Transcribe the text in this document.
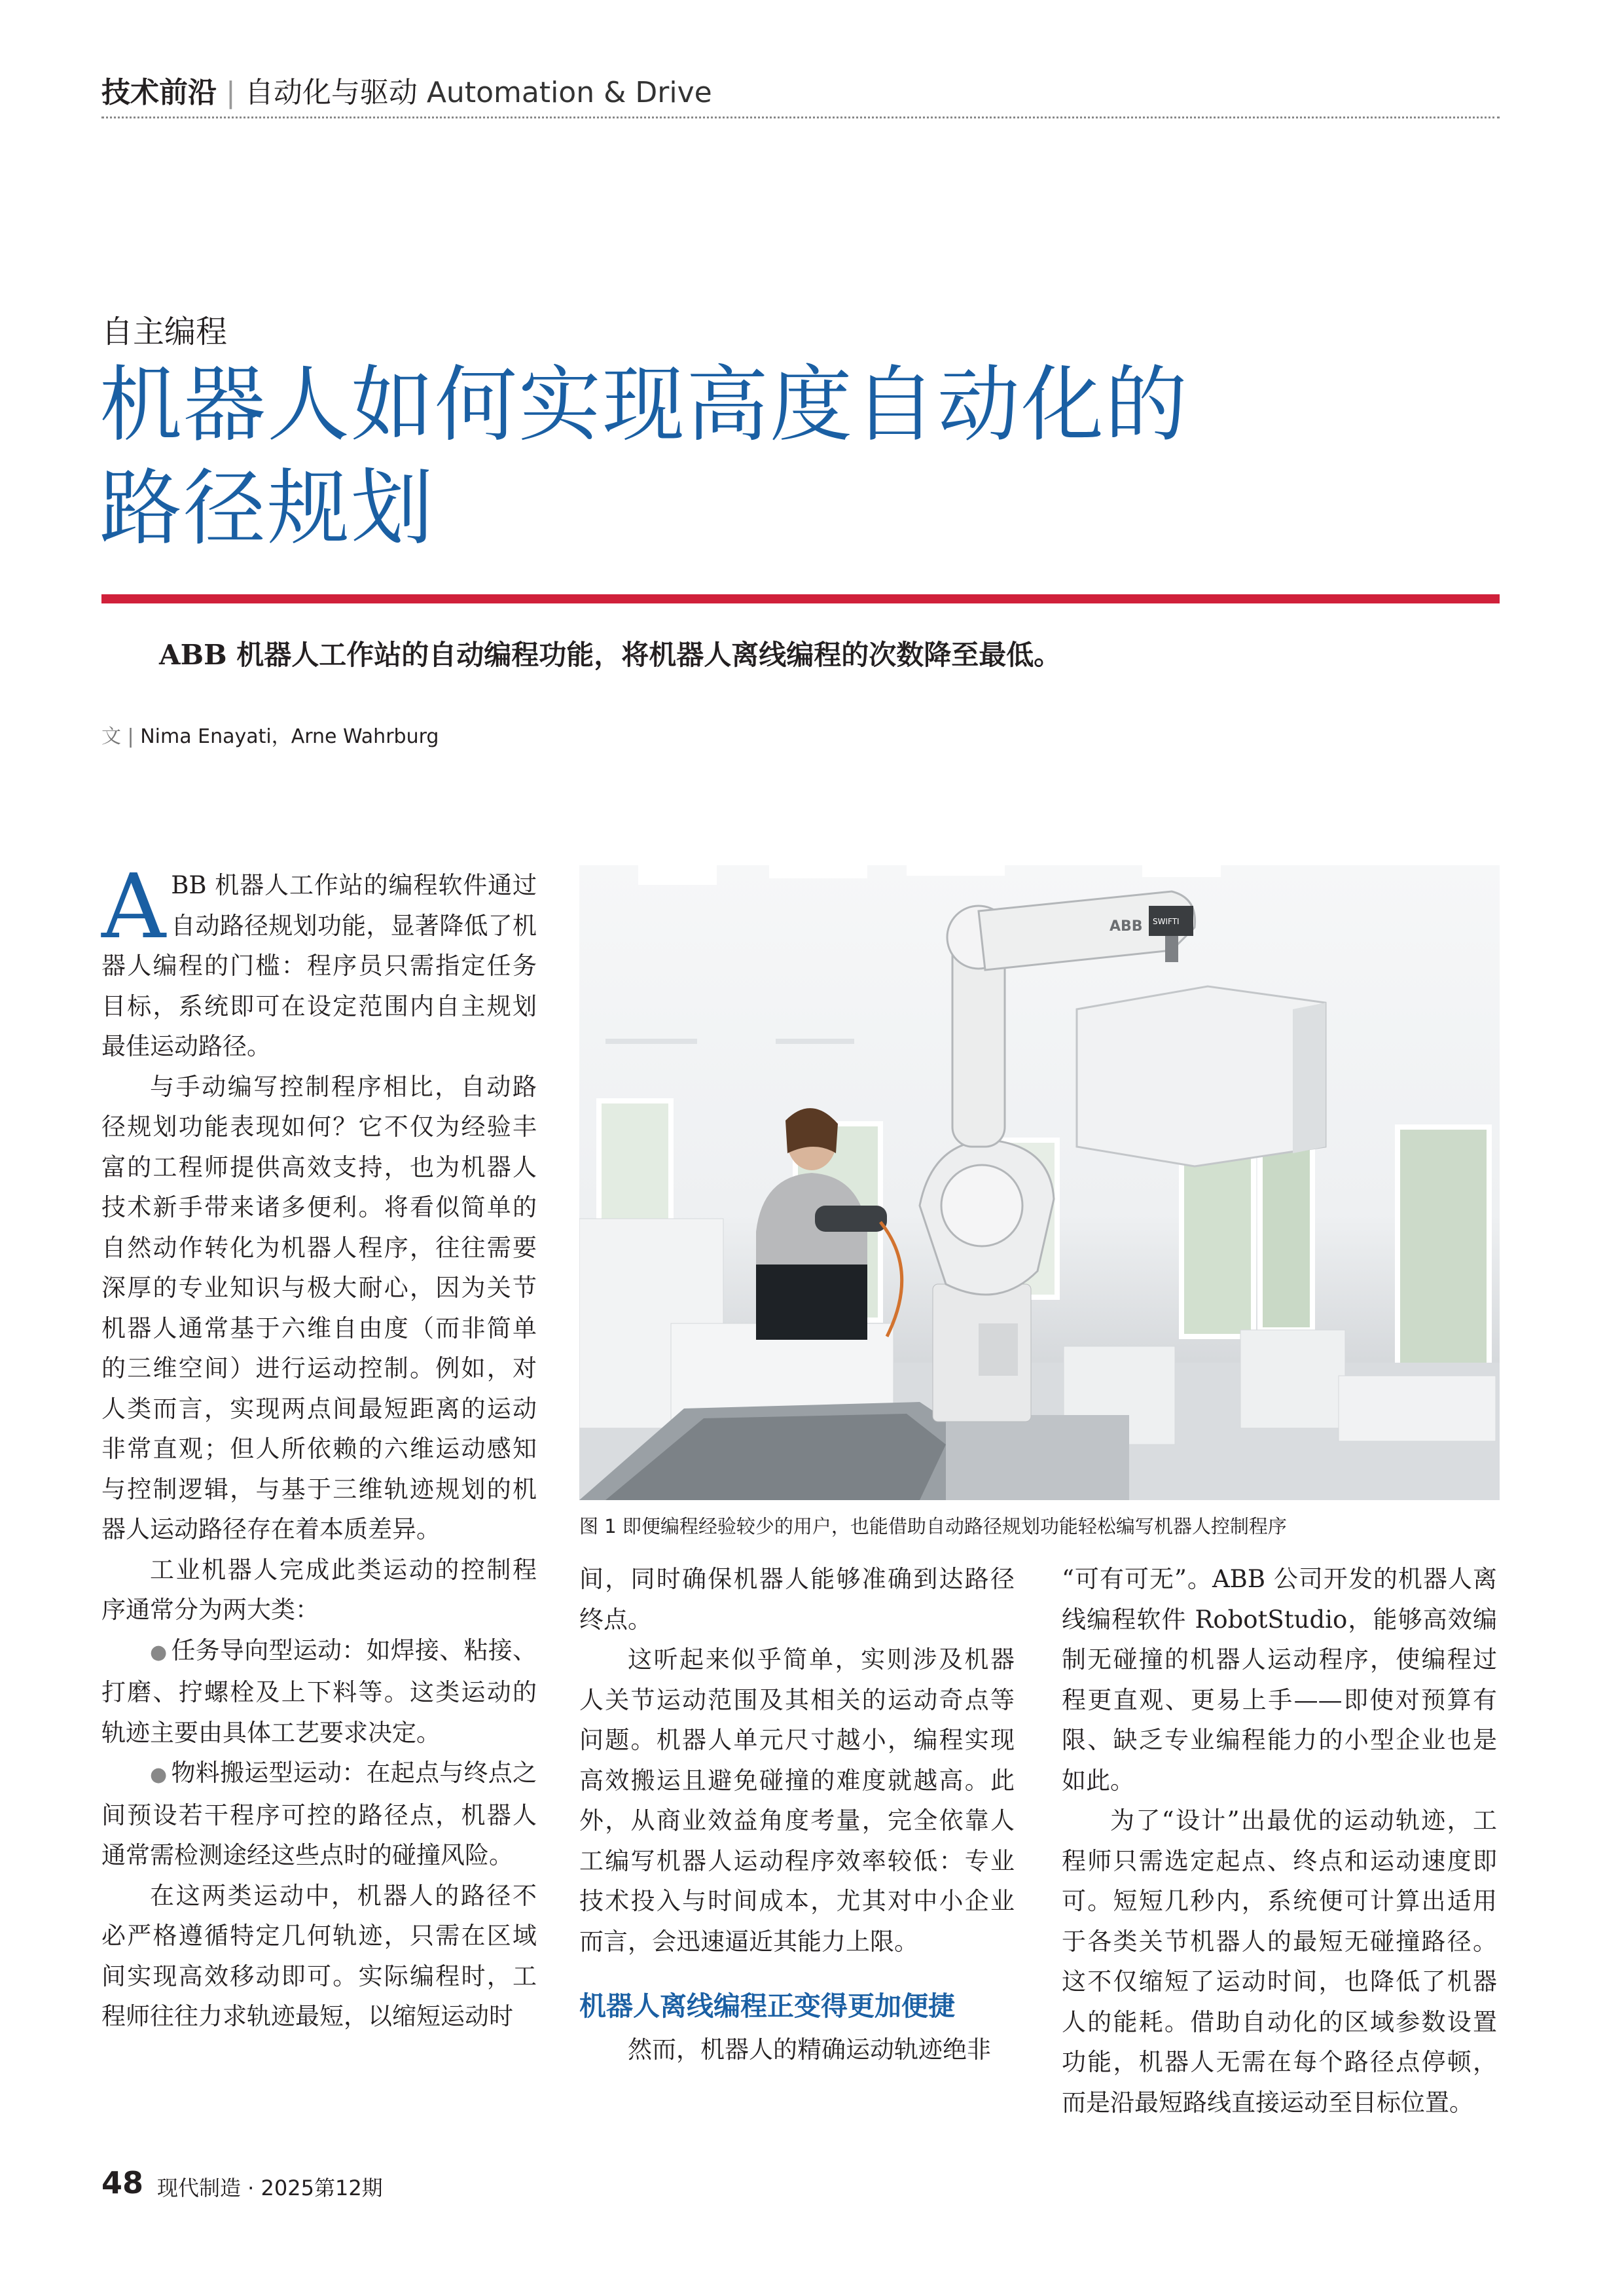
技术前沿 | 自动化与驱动 Automation & Drive
自主编程
机器人如何实现高度自动化的
路径规划
ABB 机器人工作站的自动编程功能，将机器人离线编程的次数降至最低。
文 | Nima Enayati，Arne Wahrburg

ABB 机器人工作站的编程软件通过自动路径规划功能，显著降低了机器人编程的门槛：程序员只需指定任务目标，系统即可在设定范围内自主规划最佳运动路径。

与手动编写控制程序相比，自动路径规划功能表现如何？它不仅为经验丰富的工程师提供高效支持，也为机器人技术新手带来诸多便利。将看似简单的自然动作转化为机器人程序，往往需要深厚的专业知识与极大耐心，因为关节机器人通常基于六维自由度（而非简单的三维空间）进行运动控制。例如，对人类而言，实现两点间最短距离的运动非常直观；但人所依赖的六维运动感知与控制逻辑，与基于三维轨迹规划的机器人运动路径存在着本质差异。

工业机器人完成此类运动的控制程序通常分为两大类：

● 任务导向型运动：如焊接、粘接、打磨、拧螺栓及上下料等。这类运动的轨迹主要由具体工艺要求决定。

● 物料搬运型运动：在起点与终点之间预设若干程序可控的路径点，机器人通常需检测途经这些点时的碰撞风险。

在这两类运动中，机器人的路径不必严格遵循特定几何轨迹，只需在区域间实现高效移动即可。实际编程时，工程师往往力求轨迹最短，以缩短运动时

ABB SWIFTI
图 1 即便编程经验较少的用户，也能借助自动路径规划功能轻松编写机器人控制程序

间，同时确保机器人能够准确到达路径终点。

这听起来似乎简单，实则涉及机器人关节运动范围及其相关的运动奇点等问题。机器人单元尺寸越小，编程实现高效搬运且避免碰撞的难度就越高。此外，从商业效益角度考量，完全依靠人工编写机器人运动程序效率较低：专业技术投入与时间成本，尤其对中小企业而言，会迅速逼近其能力上限。

机器人离线编程正变得更加便捷

然而，机器人的精确运动轨迹绝非

“可有可无”。ABB 公司开发的机器人离线编程软件 RobotStudio，能够高效编制无碰撞的机器人运动程序，使编程过程更直观、更易上手——即使对预算有限、缺乏专业编程能力的小型企业也是如此。

为了“设计”出最优的运动轨迹，工程师只需选定起点、终点和运动速度即可。短短几秒内，系统便可计算出适用于各类关节机器人的最短无碰撞路径。这不仅缩短了运动时间，也降低了机器人的能耗。借助自动化的区域参数设置功能，机器人无需在每个路径点停顿，而是沿最短路线直接运动至目标位置。

48 现代制造 · 2025第12期
